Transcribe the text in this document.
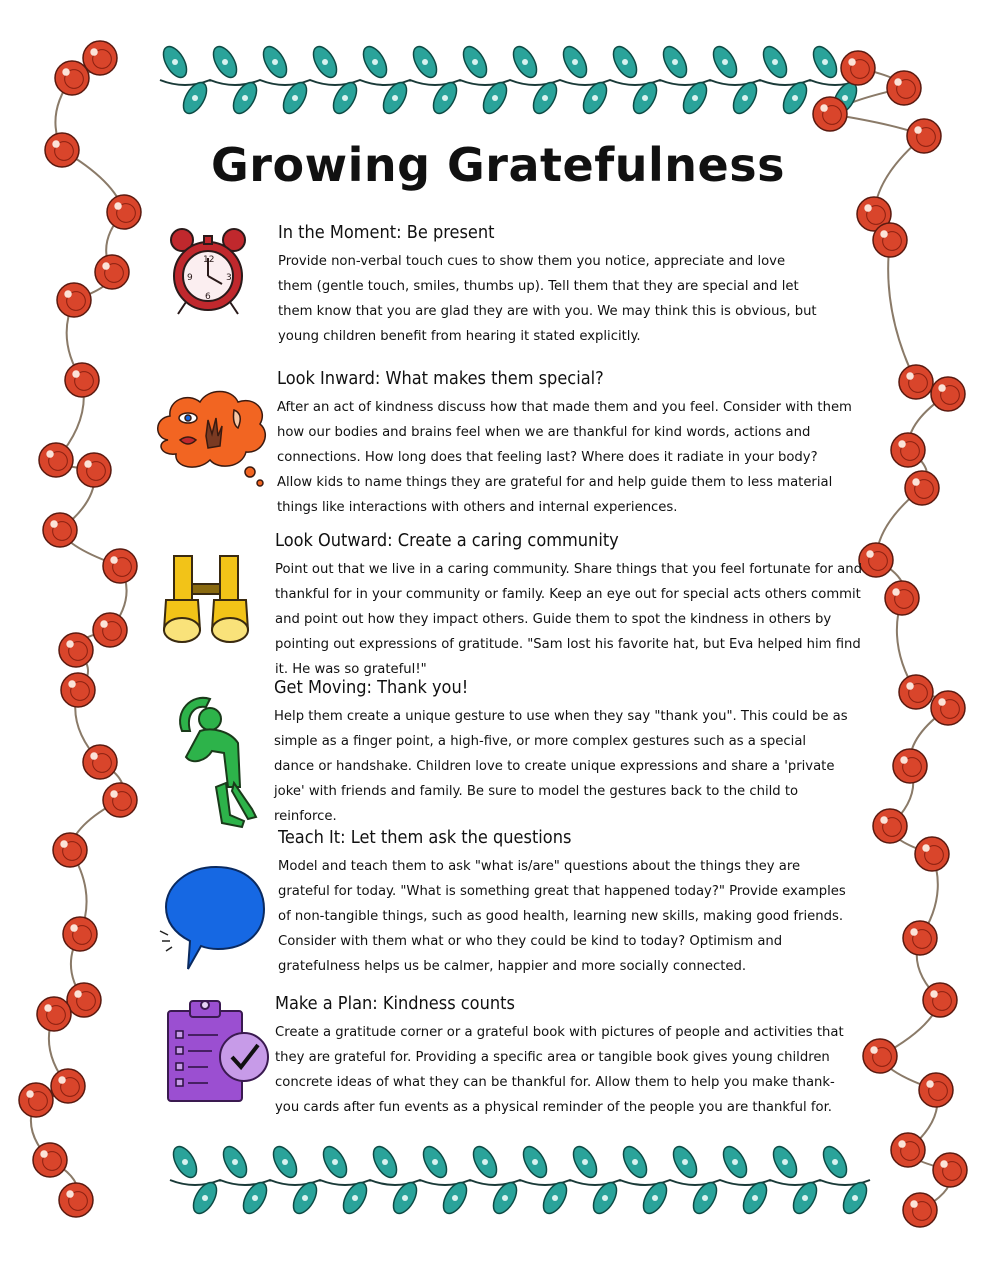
Growing Gratefulness
12
3
6
9
In the Moment: Be present

Provide non-verbal touch cues to show them you notice, appreciate and love them (gentle touch, smiles, thumbs up). Tell them that they are special and let them know that you are glad they are with you. We may think this is obvious, but young children benefit from hearing it stated explicitly.

Look Inward: What makes them special?

After an act of kindness discuss how that made them and you feel. Consider with them how our bodies and brains feel when we are thankful for kind words, actions and connections. How long does that feeling last? Where does it radiate in your body? Allow kids to name things they are grateful for and help guide them to less material things like interactions with others and internal experiences.

Look Outward: Create a caring community

Point out that we live in a caring community. Share things that you feel fortunate for and thankful for in your community or family. Keep an eye out for special acts others commit and point out how they impact others. Guide them to spot the kindness in others by pointing out expressions of gratitude. "Sam lost his favorite hat, but Eva helped him find it. He was so grateful!"

Get Moving: Thank you!

Help them create a unique gesture to use when they say "thank you". This could be as simple as a finger point, a high-five, or more complex gestures such as a special dance or handshake. Children love to create unique expressions and share a 'private joke' with friends and family. Be sure to model the gestures back to the child to reinforce.

Teach It: Let them ask the questions

Model and teach them to ask "what is/are" questions about the things they are grateful for today. "What is something great that happened today?" Provide examples of non-tangible things, such as good health, learning new skills, making good friends. Consider with them what or who they could be kind to today? Optimism and gratefulness helps us be calmer, happier and more socially connected.

Make a Plan: Kindness counts

Create a gratitude corner or a grateful book with pictures of people and activities that they are grateful for. Providing a specific area or tangible book gives young children concrete ideas of what they can be thankful for. Allow them to help you make thank-you cards after fun events as a physical reminder of the people you are thankful for.
